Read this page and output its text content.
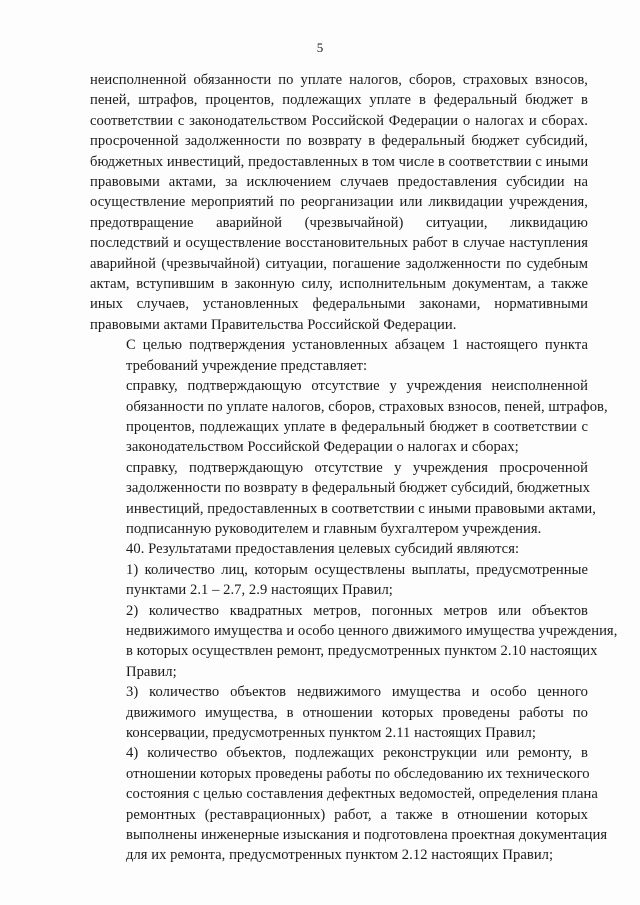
5

неисполненной обязанности по уплате налогов, сборов, страховых взносов,
пеней, штрафов, процентов, подлежащих уплате в федеральный бюджет в
соответствии с законодательством Российской Федерации о налогах и сборах.
просроченной задолженности по возврату в федеральный бюджет субсидий,
бюджетных инвестиций, предоставленных в том числе в соответствии с иными
правовыми актами, за исключением случаев предоставления субсидии на
осуществление мероприятий по реорганизации или ликвидации учреждения,
предотвращение аварийной (чрезвычайной) ситуации, ликвидацию
последствий и осуществление восстановительных работ в случае наступления
аварийной (чрезвычайной) ситуации, погашение задолженности по судебным
актам, вступившим в законную силу, исполнительным документам, а также
иных случаев, установленных федеральными законами, нормативными
правовыми актами Правительства Российской Федерации.

С целью подтверждения установленных абзацем 1 настоящего пункта
требований учреждение представляет:

справку, подтверждающую отсутствие у учреждения неисполненной
обязанности по уплате налогов, сборов, страховых взносов, пеней, штрафов,
процентов, подлежащих уплате в федеральный бюджет в соответствии с
законодательством Российской Федерации о налогах и сборах;

справку, подтверждающую отсутствие у учреждения просроченной
задолженности по возврату в федеральный бюджет субсидий, бюджетных
инвестиций, предоставленных в соответствии с иными правовыми актами,
подписанную руководителем и главным бухгалтером учреждения.

40. Результатами предоставления целевых субсидий являются:

1) количество лиц, которым осуществлены выплаты, предусмотренные
пунктами 2.1 – 2.7, 2.9 настоящих Правил;

2) количество квадратных метров, погонных метров или объектов
недвижимого имущества и особо ценного движимого имущества учреждения,
в которых осуществлен ремонт, предусмотренных пунктом 2.10 настоящих
Правил;

3) количество объектов недвижимого имущества и особо ценного
движимого имущества, в отношении которых проведены работы по
консервации, предусмотренных пунктом 2.11 настоящих Правил;

4) количество объектов, подлежащих реконструкции или ремонту, в
отношении которых проведены работы по обследованию их технического
состояния с целью составления дефектных ведомостей, определения плана
ремонтных (реставрационных) работ, а также в отношении которых
выполнены инженерные изыскания и подготовлена проектная документация
для их ремонта, предусмотренных пунктом 2.12 настоящих Правил;
